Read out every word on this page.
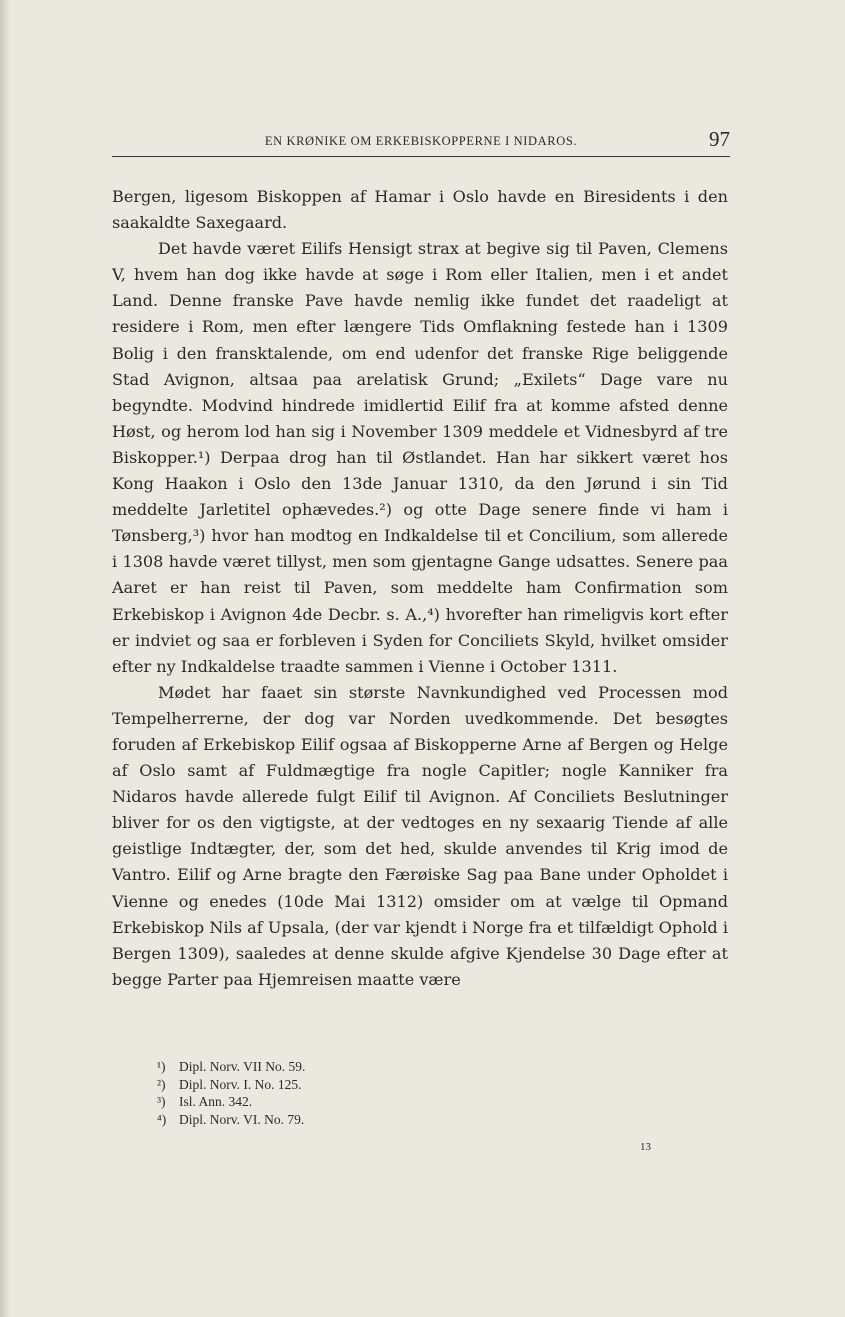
EN KRØNIKE OM ERKEBISKOPPERNE I NIDAROS.	97

Bergen, ligesom Biskoppen af Hamar i Oslo havde en Biresidents i den saakaldte Saxegaard.

Det havde været Eilifs Hensigt strax at begive sig til Paven, Clemens V, hvem han dog ikke havde at søge i Rom eller Italien, men i et andet Land. Denne franske Pave havde nemlig ikke fundet det raadeligt at residere i Rom, men efter længere Tids Omflakning festede han i 1309 Bolig i den fransktalende, om end udenfor det franske Rige beliggende Stad Avignon, altsaa paa arelatisk Grund; „Exilets“ Dage vare nu begyndte. Modvind hindrede imidlertid Eilif fra at komme afsted denne Høst, og herom lod han sig i November 1309 meddele et Vidnesbyrd af tre Biskopper.¹) Derpaa drog han til Østlandet. Han har sikkert været hos Kong Haakon i Oslo den 13de Januar 1310, da den Jørund i sin Tid meddelte Jarletitel ophævedes.²) og otte Dage senere finde vi ham i Tønsberg,³) hvor han modtog en Indkaldelse til et Concilium, som allerede i 1308 havde været tillyst, men som gjentagne Gange udsattes. Senere paa Aaret er han reist til Paven, som meddelte ham Confirmation som Erkebiskop i Avignon 4de Decbr. s. A.,⁴) hvorefter han rimeligvis kort efter er indviet og saa er forbleven i Syden for Conciliets Skyld, hvilket omsider efter ny Indkaldelse traadte sammen i Vienne i October 1311.

Mødet har faaet sin største Navnkundighed ved Processen mod Tempelherrerne, der dog var Norden uvedkommende. Det besøgtes foruden af Erkebiskop Eilif ogsaa af Biskopperne Arne af Bergen og Helge af Oslo samt af Fuldmægtige fra nogle Capitler; nogle Kanniker fra Nidaros havde allerede fulgt Eilif til Avignon. Af Conciliets Beslutninger bliver for os den vigtigste, at der vedtoges en ny sexaarig Tiende af alle geistlige Indtægter, der, som det hed, skulde anvendes til Krig imod de Vantro. Eilif og Arne bragte den Færøiske Sag paa Bane under Opholdet i Vienne og enedes (10de Mai 1312) omsider om at vælge til Opmand Erkebiskop Nils af Upsala, (der var kjendt i Norge fra et tilfældigt Ophold i Bergen 1309), saaledes at denne skulde afgive Kjendelse 30 Dage efter at begge Parter paa Hjemreisen maatte være

¹) Dipl. Norv. VII No. 59.
²) Dipl. Norv. I. No. 125.
³) Isl. Ann. 342.
⁴) Dipl. Norv. VI. No. 79.
13
